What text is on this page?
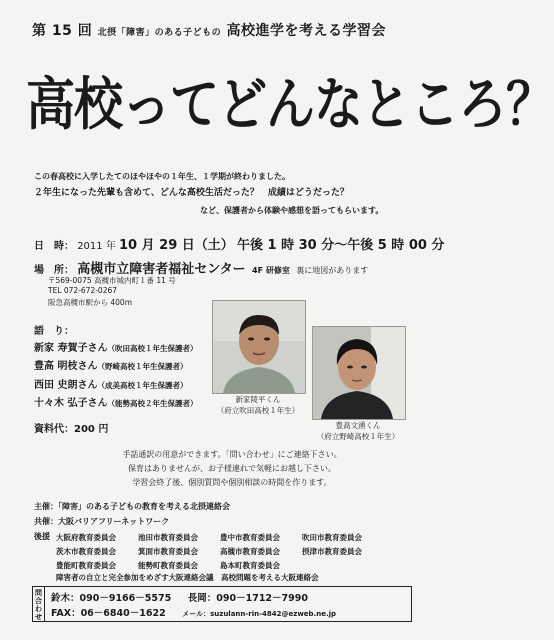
第 15 回 北摂「障害」のある子どもの 高校進学を考える学習会
高校ってどんなところ？
この春高校に入学したてのほやほやの１年生、１学期が終わりました。
２年生になった先輩も含めて、どんな高校生活だった？　成績はどうだった？
など、保護者から体験や感想を語ってもらいます。
日　時： 2011 年 10 月 29 日（土） 午後 1 時 30 分～午後 5 時 00 分
場　所： 高槻市立障害者福祉センター 4F 研修室 裏に地図があります
〒569-0075 高槻市城内町１番 11 号
TEL 072-672-0267
阪急高槻市駅から 400m
語　り：
新家 寿賀子さん（吹田高校１年生保護者）
豊高 明枝さん（野崎高校１年生保護者）
西田 史朗さん（成美高校１年生保護者）
十々木 弘子さん（能勢高校２年生保護者）	新家陵平くん
（府立吹田高校１年生）
豊高文湧くん
（府立野崎高校１年生）
資料代：200 円
手話通訳の用意ができます。「問い合わせ」にご連絡下さい。
保育はありませんが、お子様連れで気軽にお越し下さい。
学習会終了後、個別質問や個別相談の時間を作ります。
主催：「障害」のある子どもの教育を考える北摂連絡会
共催：大阪バリアフリーネットワーク
後援 大阪府教育委員会
茨木市教育委員会
豊能町教育委員会
池田市教育委員会
箕面市教育委員会
能勢町教育委員会
豊中市教育委員会
高槻市教育委員会
島本町教育委員会
吹田市教育委員会
摂津市教育委員会
障害者の自立と完全参加をめざす大阪連絡会議　高校問題を考える大阪連絡会
問合わせ
鈴木：090－9166－5575 長岡：090－1712－7990
FAX：06－6840－1622 メール：suzulann-rin-4842@ezweb.ne.jp
